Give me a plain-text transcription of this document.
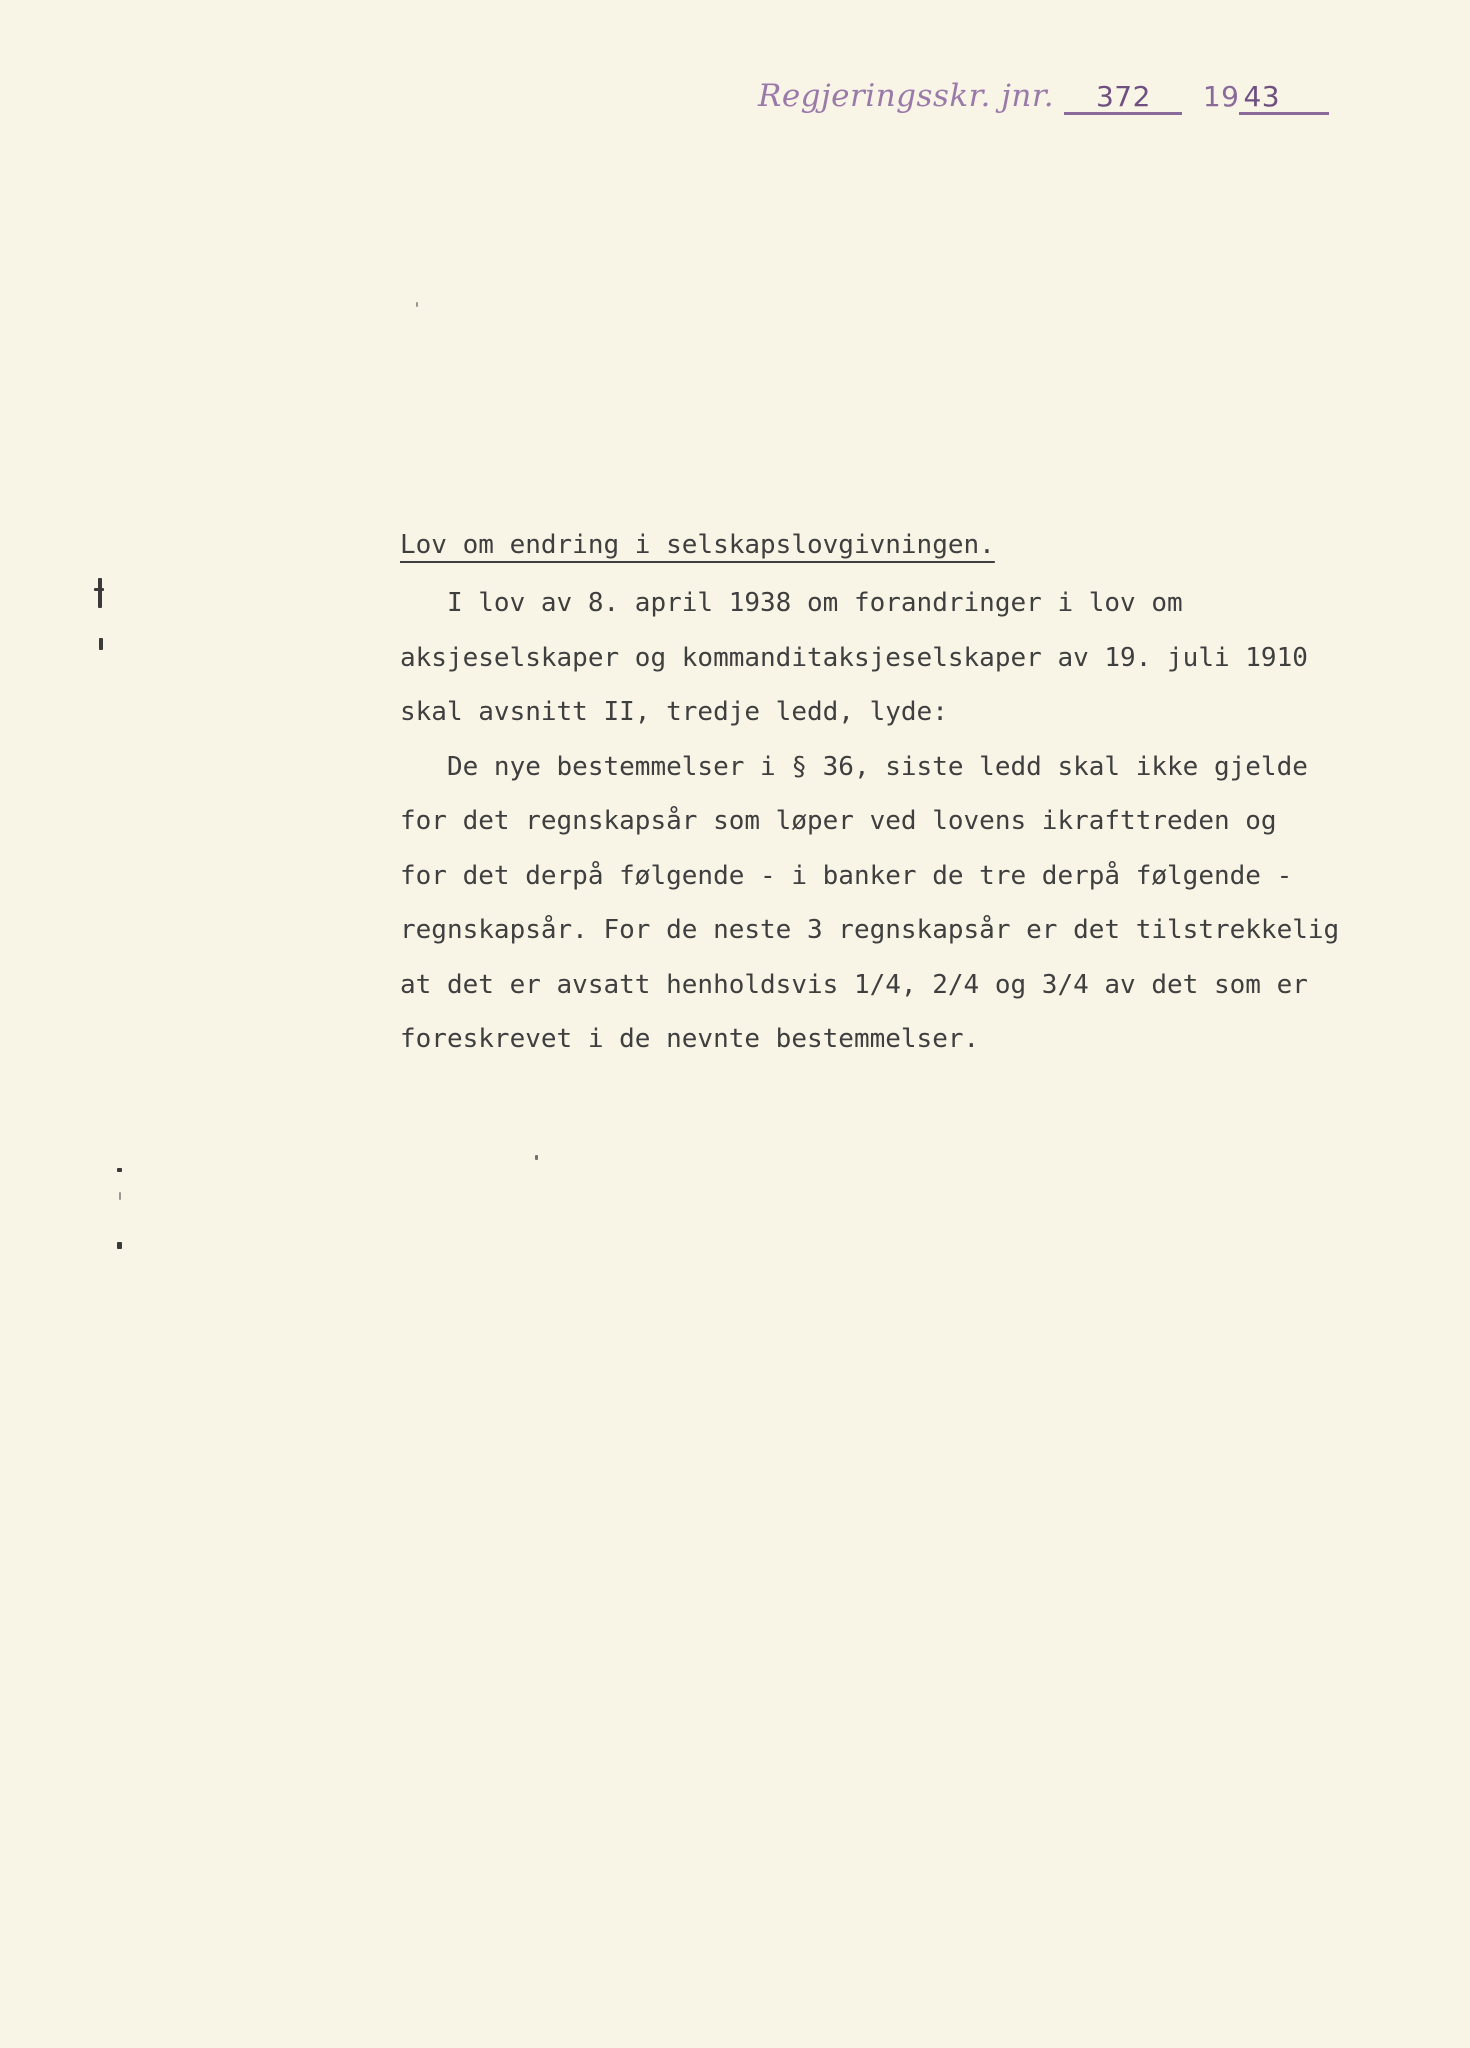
Regjeringsskr. jnr. 372 19 43
Lov om endring i selskapslovgivningen.
I lov av 8. april 1938 om forandringer i lov om
aksjeselskaper og kommanditaksjeselskaper av 19. juli 1910
skal avsnitt II, tredje ledd, lyde:
De nye bestemmelser i § 36, siste ledd skal ikke gjelde
for det regnskapsår som løper ved lovens ikrafttreden og
for det derpå følgende - i banker de tre derpå følgende -
regnskapsår. For de neste 3 regnskapsår er det tilstrekkelig
at det er avsatt henholdsvis 1/4, 2/4 og 3/4 av det som er
foreskrevet i de nevnte bestemmelser.
